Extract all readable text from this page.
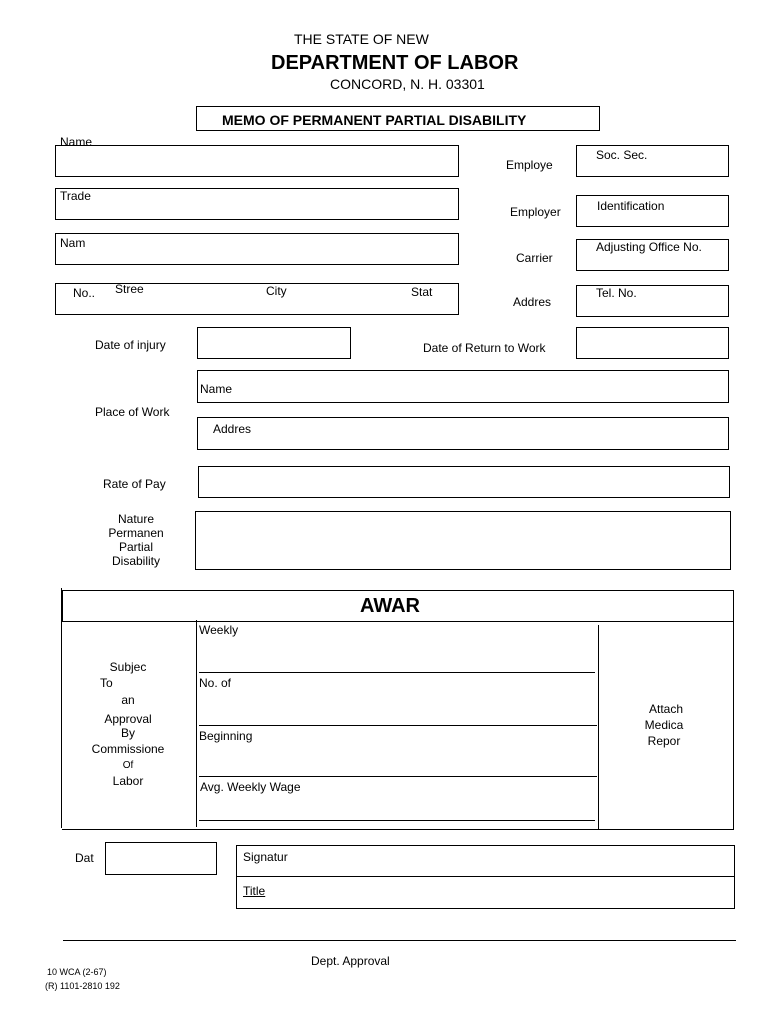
THE STATE OF NEW
DEPARTMENT OF LABOR
CONCORD, N. H. 03301
MEMO OF PERMANENT PARTIAL DISABILITY
Name
Employe
Soc. Sec.
Trade
Employer	Identification
Nam
Carrier
Adjusting Office No.
No.. Stree	City	Stat
Addres
Tel. No.
Date of injury	Date of Return to Work
Place of Work
Name
Addres
Rate of Pay
Nature
Permanen
Partial
Disability
AWAR
Subjec
To
an
Approval
By
Commissione
Of
Labor
Weekly
No. of
Beginning
Avg. Weekly Wage
Attach
Medica
Repor
Dat	Signatur
Title
Dept. Approval
10 WCA (2-67)
(R) 1101-2810 192
